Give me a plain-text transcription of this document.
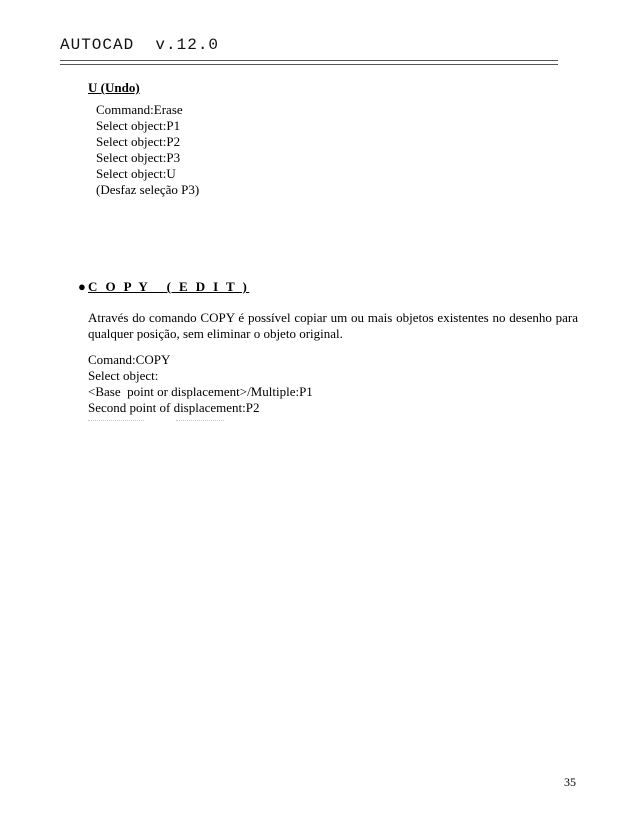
AUTOCAD v.12.0
U (Undo)
Command:Erase
Select object:P1
Select object:P2
Select object:P3
Select object:U
(Desfaz seleção P3)
● C O P Y   ( E D I T )
Através do comando COPY é possível copiar um ou mais objetos existentes no desenho para
qualquer posição, sem eliminar o objeto original.
Comand:COPY
Select object:
<Base  point or displacement>/Multiple:P1
Second point of displacement:P2
35
